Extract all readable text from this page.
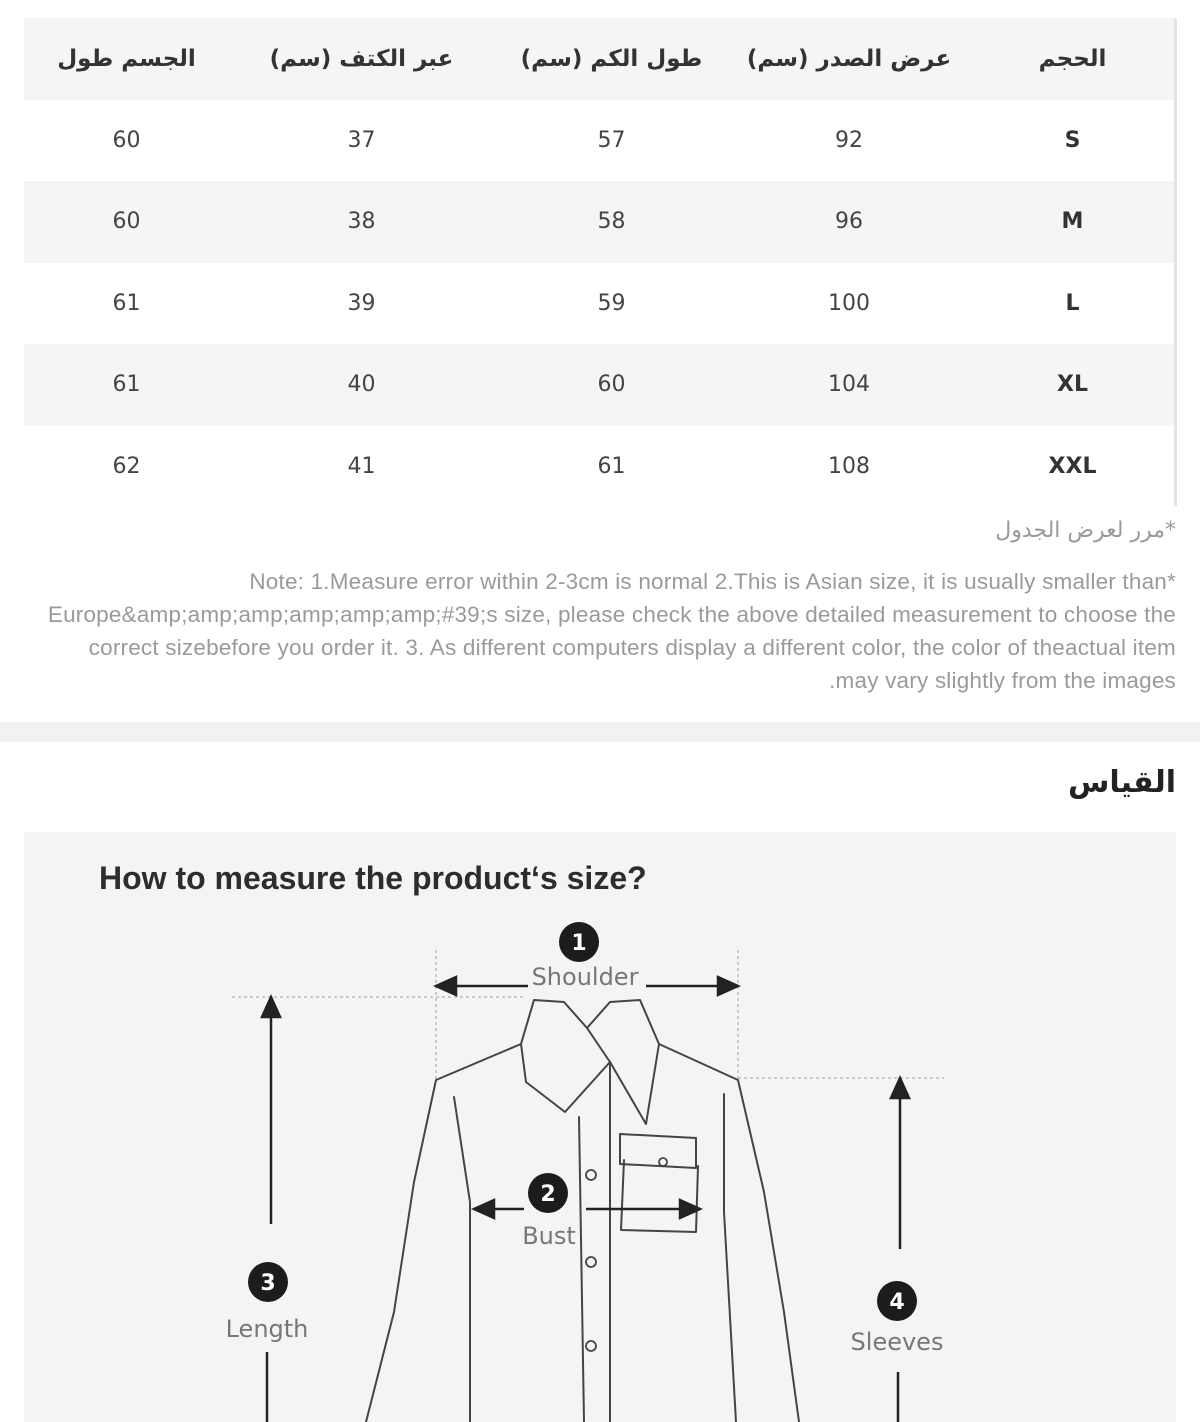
الحجم	عرض الصدر (سم)	طول الكم (سم)	عبر الكتف (سم)	الجسم طول
S	92	57	37	60
M	96	58	38	60
L	100	59	39	61
XL	104	60	40	61
XXL	108	61	41	62
*مرر لعرض الجدول
*Note: 1.Measure error within 2-3cm is normal 2.This is Asian size, it is usually smaller than Europe&amp;amp;amp;amp;amp;amp;#39;s size, please check the above detailed measurement to choose the correct sizebefore you order it. 3. As different computers display a different color, the color of theactual item may vary slightly from the images.
القياس
1
Shoulder
2
Bust
3
Length
4
Sleeves
How to measure the product‘s size?
